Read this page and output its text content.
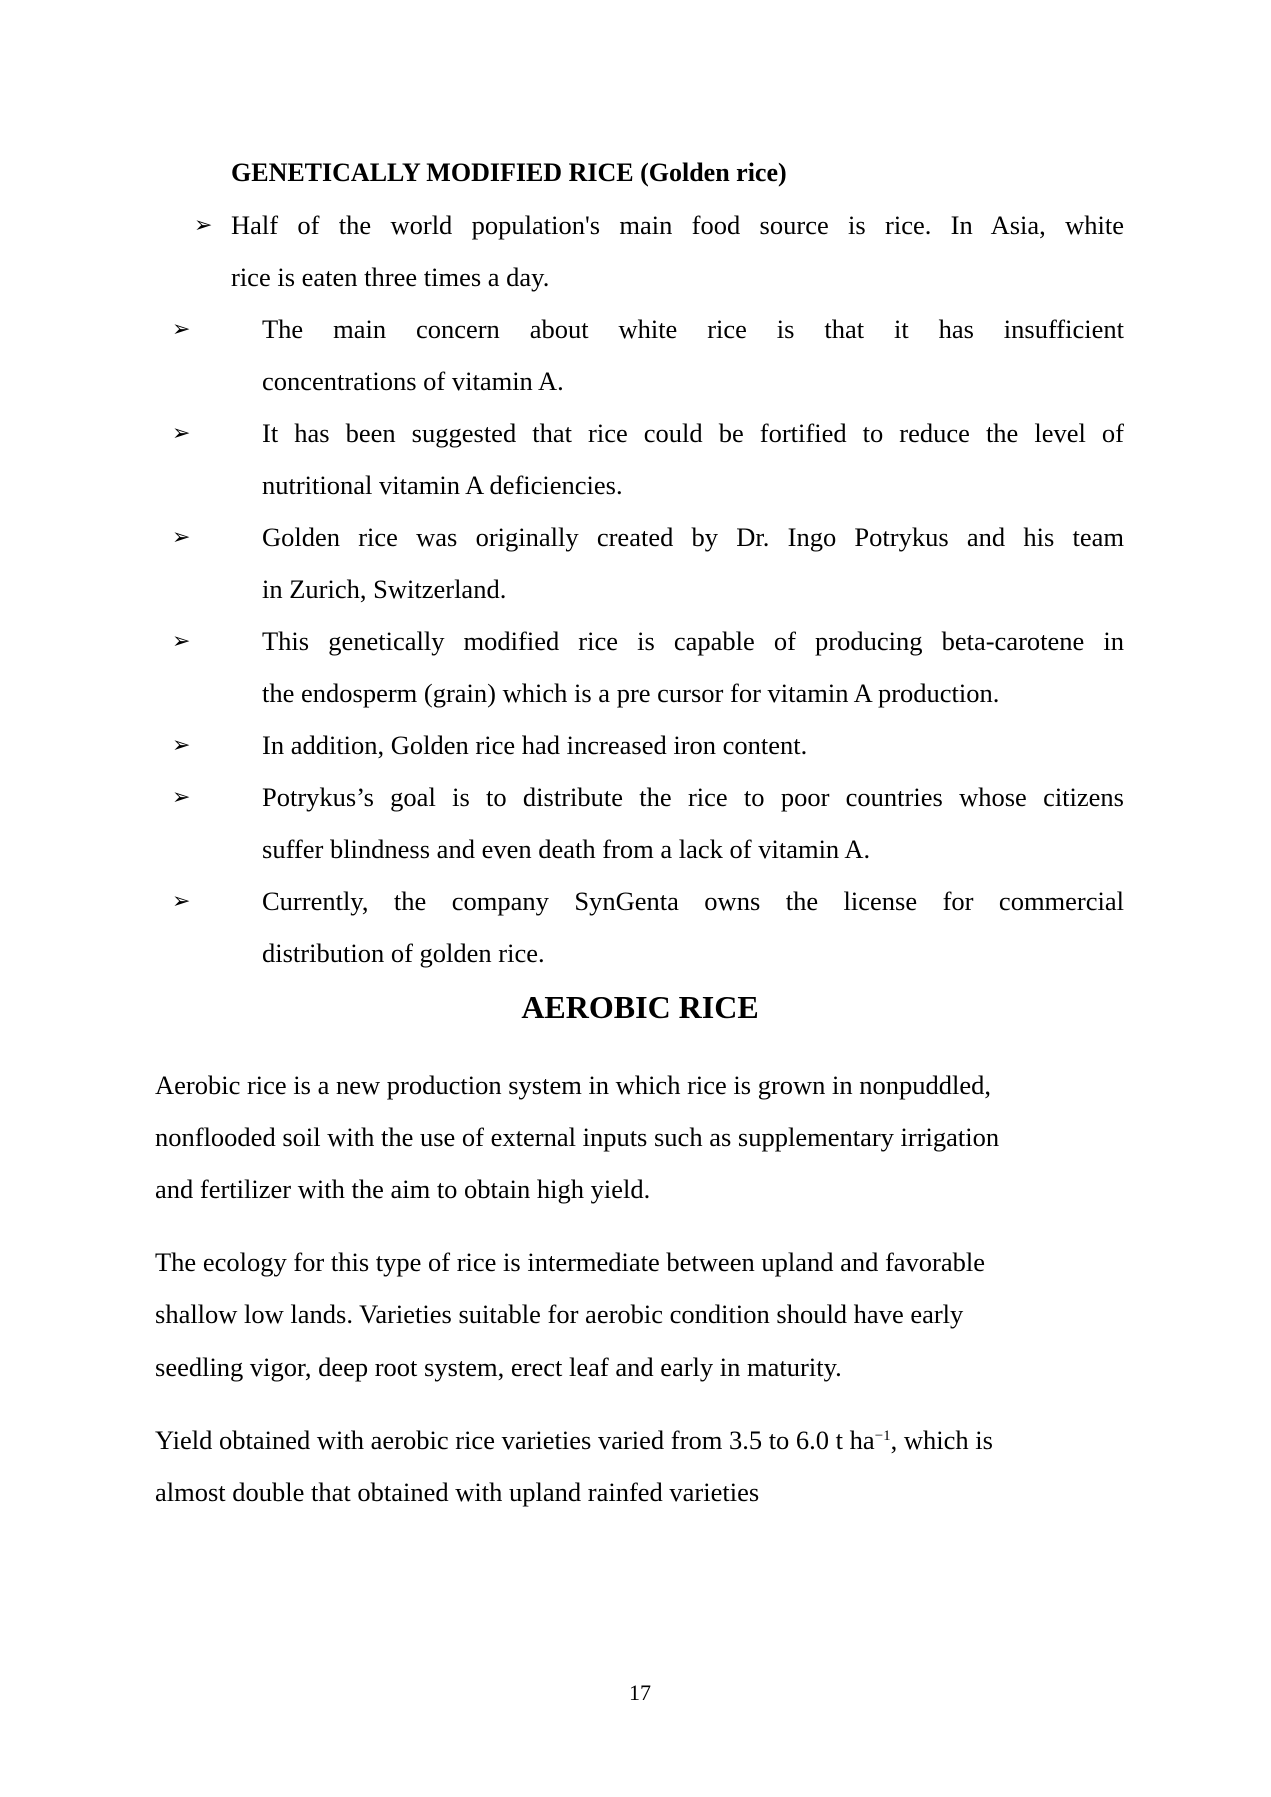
GENETICALLY MODIFIED RICE (Golden rice)
➢ Half of the world population's main food source is rice. In Asia, white
rice is eaten three times a day.
➢	The main concern about white rice is that it has insufficient
concentrations of vitamin A.
➢	It has been suggested that rice could be fortified to reduce the level of
nutritional vitamin A deficiencies.
➢	Golden rice was originally created by Dr. Ingo Potrykus and his team
in Zurich, Switzerland.
➢	This genetically modified rice is capable of producing beta-carotene in
the endosperm (grain) which is a pre cursor for vitamin A production.
➢	In addition, Golden rice had increased iron content.
➢	Potrykus’s goal is to distribute the rice to poor countries whose citizens
suffer blindness and even death from a lack of vitamin A.
➢	Currently, the company SynGenta owns the license for commercial
distribution of golden rice.
AEROBIC RICE
Aerobic rice is a new production system in which rice is grown in nonpuddled,
nonflooded soil with the use of external inputs such as supplementary irrigation
and fertilizer with the aim to obtain high yield.
The ecology for this type of rice is intermediate between upland and favorable
shallow low lands. Varieties suitable for aerobic condition should have early
seedling vigor, deep root system, erect leaf and early in maturity.
Yield obtained with aerobic rice varieties varied from 3.5 to 6.0 t $ha^{-1}$, which is
almost double that obtained with upland rainfed varieties
17
